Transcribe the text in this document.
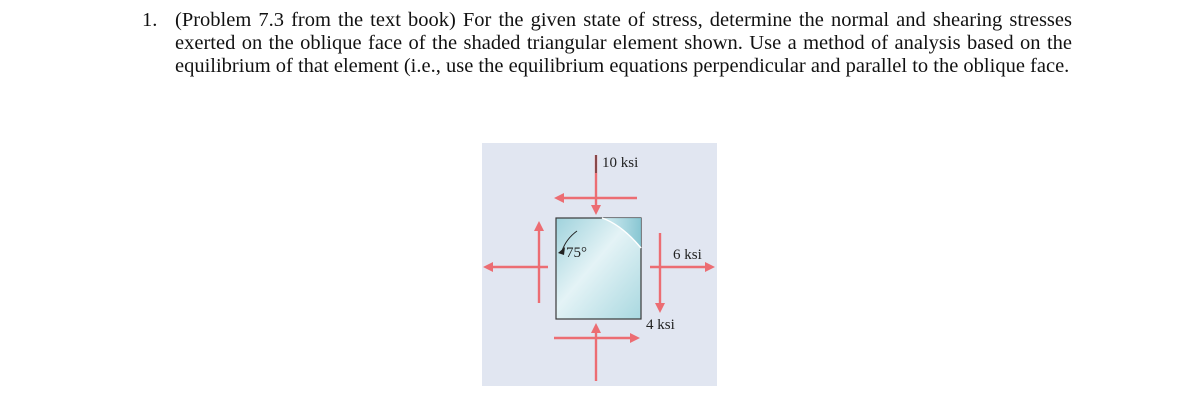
1. (Problem 7.3 from the text book) For the given state of stress, determine the normal and shearing stresses exerted on the oblique face of the shaded triangular element shown. Use a method of analysis based on the equilibrium of that element (i.e., use the equilibrium equations perpendicular and parallel to the oblique face.
75°
10 ksi
6 ksi
4 ksi
